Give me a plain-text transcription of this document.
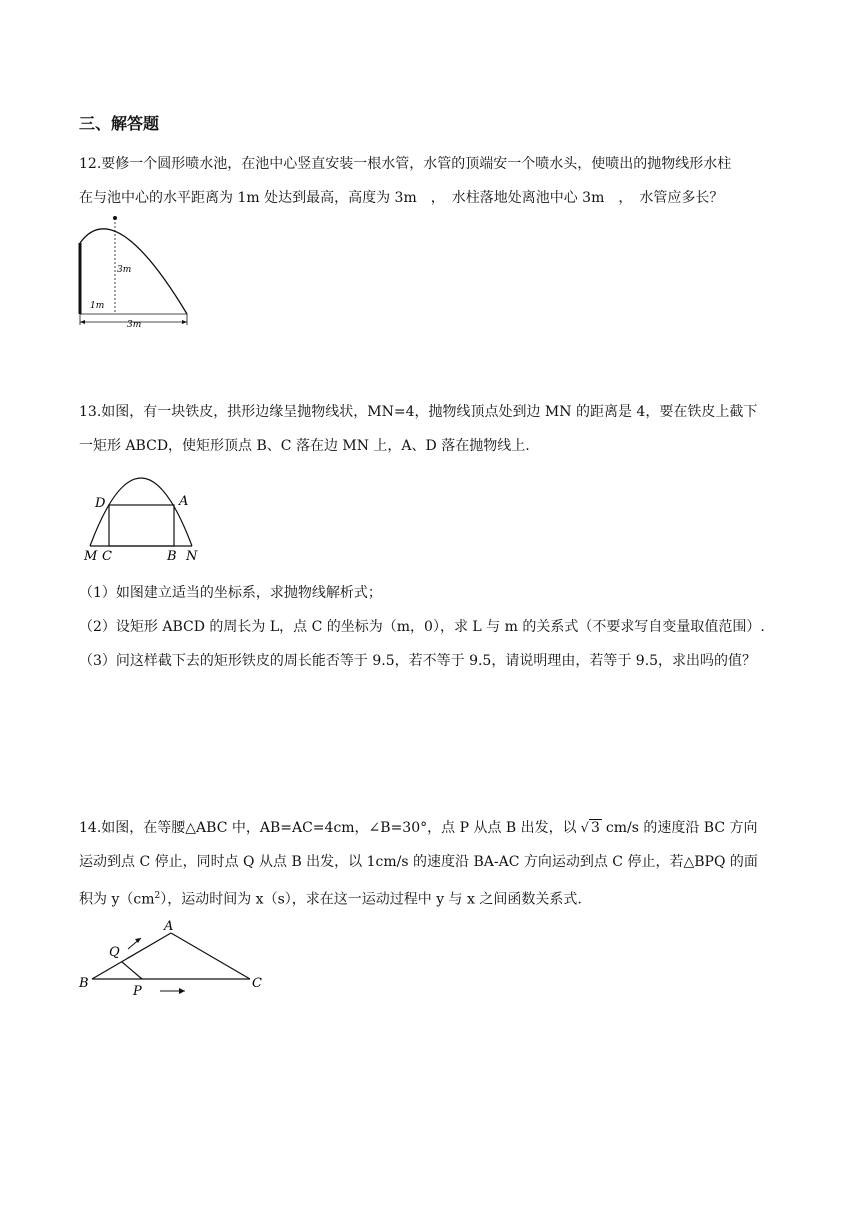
三、解答题
12.要修一个圆形喷水池，在池中心竖直安装一根水管，水管的顶端安一个喷水头，使喷出的抛物线形水柱
在与池中心的水平距离为 1m 处达到最高，高度为 3m　，　水柱落地处离池中心 3m　，　水管应多长？
3m
1m
3m
13.如图，有一块铁皮，拱形边缘呈抛物线状，MN=4，抛物线顶点处到边 MN 的距离是 4，要在铁皮上截下
一矩形 ABCD，使矩形顶点 B、C 落在边 MN 上，A、D 落在抛物线上.
D	A
M C	B N
（1）如图建立适当的坐标系，求抛物线解析式；
（2）设矩形 ABCD 的周长为 L，点 C 的坐标为（m，0），求 L 与 m 的关系式（不要求写自变量取值范围）.
（3）问这样截下去的矩形铁皮的周长能否等于 9.5，若不等于 9.5，请说明理由，若等于 9.5，求出吗的值？
14.如图，在等腰△ABC 中，AB=AC=4cm，∠B=30°，点 P 从点 B 出发，以 √ 3 cm/s 的速度沿 BC 方向
运动到点 C 停止，同时点 Q 从点 B 出发，以 1cm/s 的速度沿 BA-AC 方向运动到点 C 停止，若△BPQ 的面
积为 $y(cm^2)$，运动时间为 x（s），求在这一运动过程中 y 与 x 之间函数关系式.
A
Q
B
P
C
